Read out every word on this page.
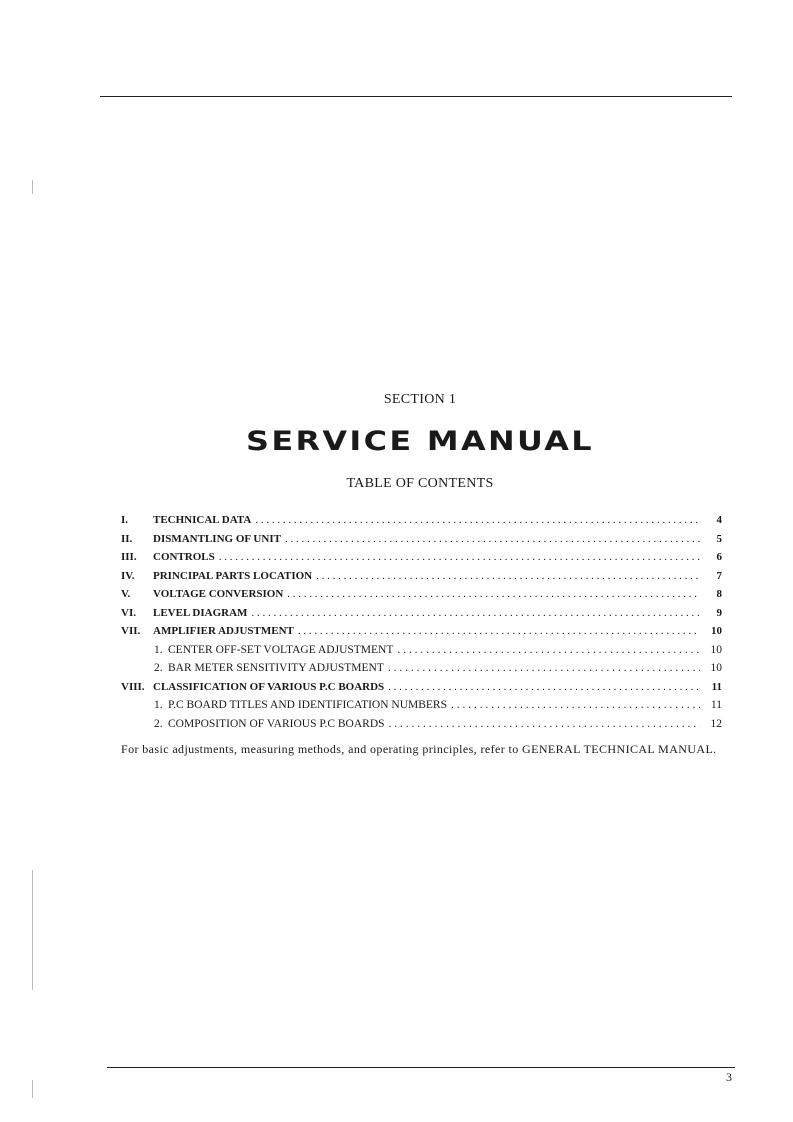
SECTION 1
SERVICE MANUAL
TABLE OF CONTENTS
I.	TECHNICAL DATA . . .	4
II.	DISMANTLING OF UNIT . . .	5
III.	CONTROLS . . .	6
IV.	PRINCIPAL PARTS LOCATION . . .	7
V.	VOLTAGE CONVERSION . . .	8
VI.	LEVEL DIAGRAM . . .	9
VII.	AMPLIFIER ADJUSTMENT . . .	10
1. CENTER OFF-SET VOLTAGE ADJUSTMENT . . .	10
2. BAR METER SENSITIVITY ADJUSTMENT . . .	10
VIII. CLASSIFICATION OF VARIOUS P.C BOARDS . . .	11
1. P.C BOARD TITLES AND IDENTIFICATION NUMBERS . . .	11
2. COMPOSITION OF VARIOUS P.C BOARDS . . .	12
For basic adjustments, measuring methods, and operating principles, refer to GENERAL TECHNICAL MANUAL.
3
